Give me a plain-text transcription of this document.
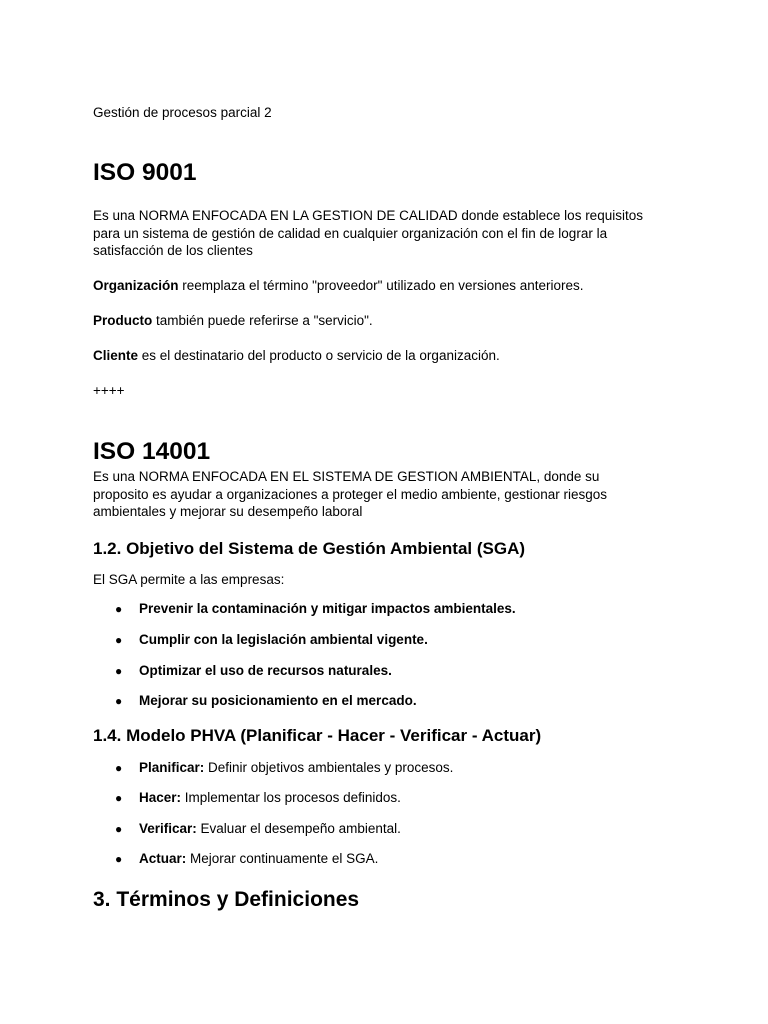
Gestión de procesos parcial 2
ISO 9001
Es una NORMA ENFOCADA EN LA GESTION DE CALIDAD donde establece los requisitos
para un sistema de gestión de calidad en cualquier organización con el fin de lograr la
satisfacción de los clientes
Organización reemplaza el término "proveedor" utilizado en versiones anteriores.
Producto también puede referirse a "servicio".
Cliente es el destinatario del producto o servicio de la organización.
++++
ISO 14001
Es una NORMA ENFOCADA EN EL SISTEMA DE GESTION AMBIENTAL, donde su
proposito es ayudar a organizaciones a proteger el medio ambiente, gestionar riesgos
ambientales y mejorar su desempeño laboral
1.2. Objetivo del Sistema de Gestión Ambiental (SGA)
El SGA permite a las empresas:
● Prevenir la contaminación y mitigar impactos ambientales.
● Cumplir con la legislación ambiental vigente.
● Optimizar el uso de recursos naturales.
● Mejorar su posicionamiento en el mercado.
1.4. Modelo PHVA (Planificar - Hacer - Verificar - Actuar)
● Planificar: Definir objetivos ambientales y procesos.
● Hacer: Implementar los procesos definidos.
● Verificar: Evaluar el desempeño ambiental.
● Actuar: Mejorar continuamente el SGA.
3. Términos y Definiciones
